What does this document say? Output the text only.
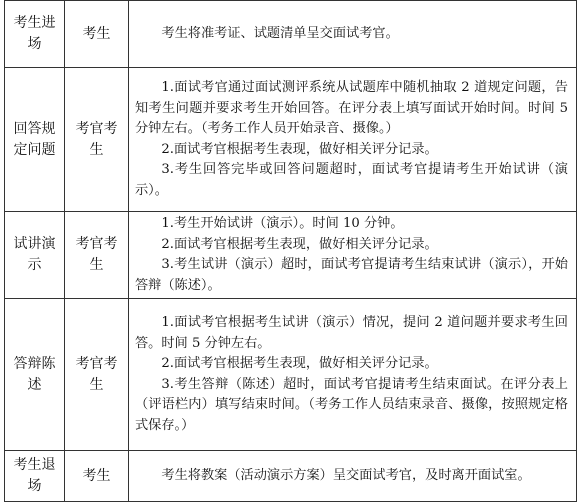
考生进场	考生	考生将准考证、试题清单呈交面试考官。

回答规定问题	考官考生	1.面试考官通过面试测评系统从试题库中随机抽取 2 道规定问题，告知考生问题并要求考生开始回答。在评分表上填写面试开始时间。时间 5 分钟左右。（考务工作人员开始录音、摄像。）
2.面试考官根据考生表现，做好相关评分记录。
3.考生回答完毕或回答问题超时，面试考官提请考生开始试讲（演示）。

试讲演示	考官考生	1.考生开始试讲（演示）。时间 10 分钟。
2.面试考官根据考生表现，做好相关评分记录。
3.考生试讲（演示）超时，面试考官提请考生结束试讲（演示），开始答辩（陈述）。

答辩陈述	考官考生	1.面试考官根据考生试讲（演示）情况，提问 2 道问题并要求考生回答。时间 5 分钟左右。
2.面试考官根据考生表现，做好相关评分记录。
3.考生答辩（陈述）超时，面试考官提请考生结束面试。在评分表上（评语栏内）填写结束时间。（考务工作人员结束录音、摄像，按照规定格式保存。）

考生退场	考生	考生将教案（活动演示方案）呈交面试考官，及时离开面试室。
